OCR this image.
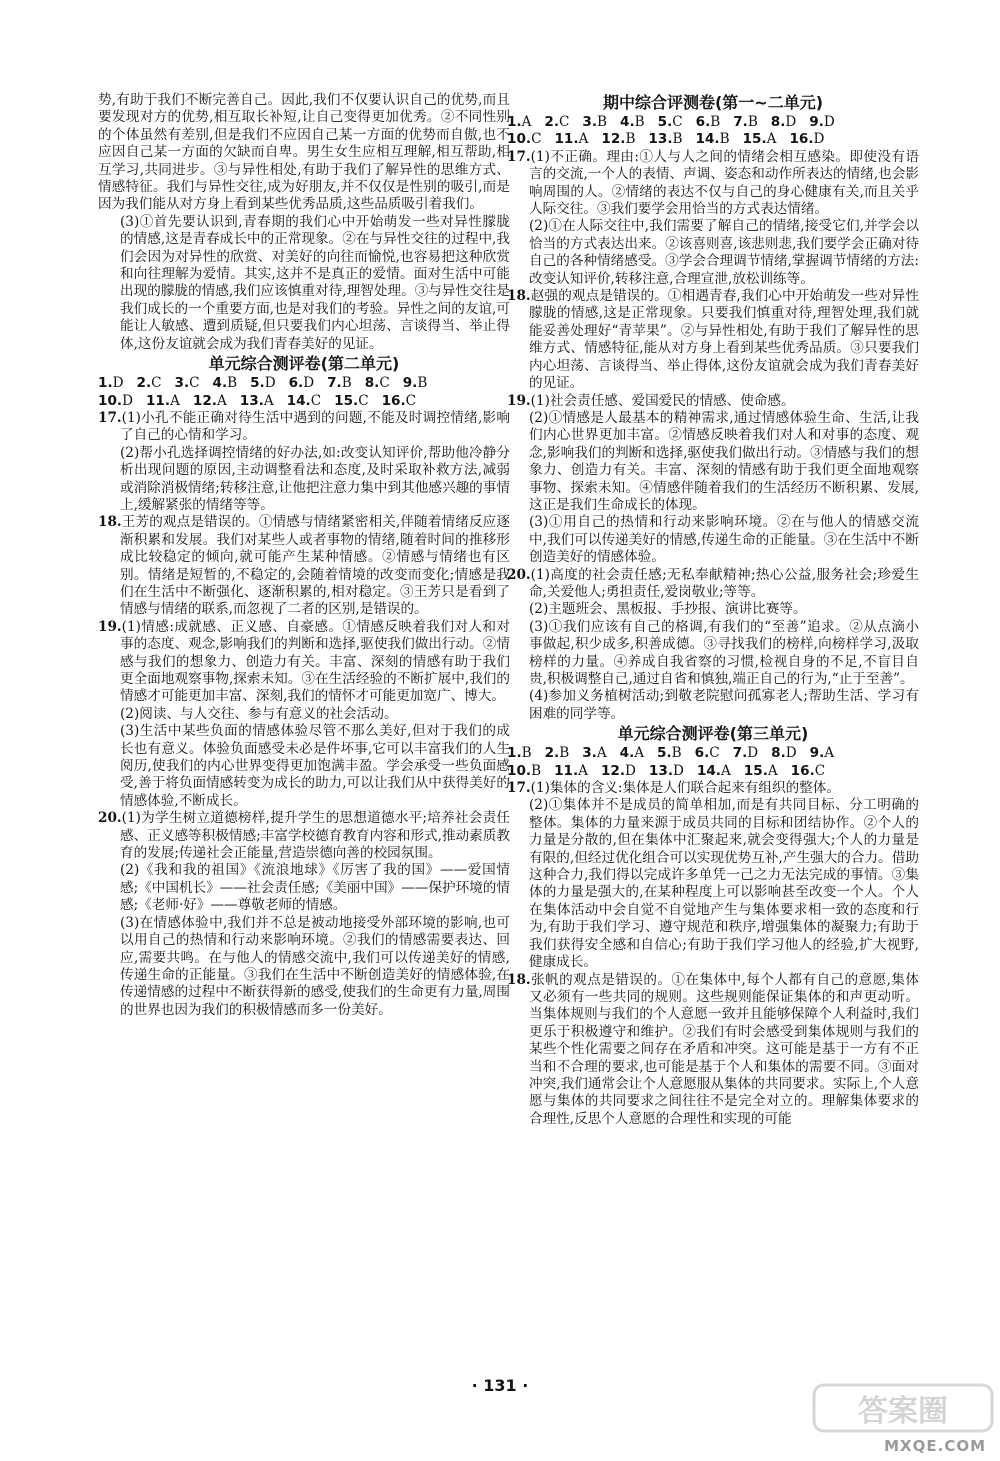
势,有助于我们不断完善自己。因此,我们不仅要认识自己的优势,而且要发现对方的优势,相互取长补短,让自己变得更加优秀。②不同性别的个体虽然有差别,但是我们不应因自己某一方面的优势而自傲,也不应因自己某一方面的欠缺而自卑。男生女生应相互理解,相互帮助,相互学习,共同进步。③与异性相处,有助于我们了解异性的思维方式、情感特征。我们与异性交往,成为好朋友,并不仅仅是性别的吸引,而是因为我们能从对方身上看到某些优秀品质,这些品质吸引着我们。

(3)①首先要认识到,青春期的我们心中开始萌发一些对异性朦胧的情感,这是青春成长中的正常现象。②在与异性交往的过程中,我们会因为对异性的欣赏、对美好的向往而愉悦,也容易把这种欣赏和向往理解为爱情。其实,这并不是真正的爱情。面对生活中可能出现的朦胧的情感,我们应该慎重对待,理智处理。③与异性交往是我们成长的一个重要方面,也是对我们的考验。异性之间的友谊,可能让人敏感、遭到质疑,但只要我们内心坦荡、言谈得当、举止得体,这份友谊就会成为我们青春美好的见证。

单元综合测评卷(第二单元)
1.D 2.C 3.C 4.B 5.D 6.D 7.B 8.C 9.B
10.D 11.A 12.A 13.A 14.C 15.C 16.C

17.(1)小孔不能正确对待生活中遇到的问题,不能及时调控情绪,影响了自己的心情和学习。

(2)帮小孔选择调控情绪的好办法,如:改变认知评价,帮助他冷静分析出现问题的原因,主动调整看法和态度,及时采取补救方法,减弱或消除消极情绪;转移注意,让他把注意力集中到其他感兴趣的事情上,缓解紧张的情绪等等。

18.王芳的观点是错误的。①情感与情绪紧密相关,伴随着情绪反应逐渐积累和发展。我们对某些人或者事物的情绪,随着时间的推移形成比较稳定的倾向,就可能产生某种情感。②情感与情绪也有区别。情绪是短暂的,不稳定的,会随着情境的改变而变化;情感是我们在生活中不断强化、逐渐积累的,相对稳定。③王芳只是看到了情感与情绪的联系,而忽视了二者的区别,是错误的。

19.(1)情感:成就感、正义感、自豪感。①情感反映着我们对人和对事的态度、观念,影响我们的判断和选择,驱使我们做出行动。②情感与我们的想象力、创造力有关。丰富、深刻的情感有助于我们更全面地观察事物,探索未知。③在生活经验的不断扩展中,我们的情感才可能更加丰富、深刻,我们的情怀才可能更加宽广、博大。

(2)阅读、与人交往、参与有意义的社会活动。

(3)生活中某些负面的情感体验尽管不那么美好,但对于我们的成长也有意义。体验负面感受未必是件坏事,它可以丰富我们的人生阅历,使我们的内心世界变得更加饱满丰盈。学会承受一些负面感受,善于将负面情感转变为成长的助力,可以让我们从中获得美好的情感体验,不断成长。

20.(1)为学生树立道德榜样,提升学生的思想道德水平;培养社会责任感、正义感等积极情感;丰富学校德育教育内容和形式,推动素质教育的发展;传递社会正能量,营造崇德向善的校园氛围。

(2)《我和我的祖国》《流浪地球》《厉害了我的国》——爱国情感;《中国机长》——社会责任感;《美丽中国》——保护环境的情感;《老师·好》——尊敬老师的情感。

(3)在情感体验中,我们并不总是被动地接受外部环境的影响,也可以用自己的热情和行动来影响环境。②我们的情感需要表达、回应,需要共鸣。在与他人的情感交流中,我们可以传递美好的情感,传递生命的正能量。③我们在生活中不断创造美好的情感体验,在传递情感的过程中不断获得新的感受,使我们的生命更有力量,周围的世界也因为我们的积极情感而多一份美好。

期中综合评测卷(第一~二单元)
1.A 2.C 3.B 4.B 5.C 6.B 7.B 8.D 9.D
10.C 11.A 12.B 13.B 14.B 15.A 16.D

17.(1)不正确。理由:①人与人之间的情绪会相互感染。即使没有语言的交流,一个人的表情、声调、姿态和动作所表达的情绪,也会影响周围的人。②情绪的表达不仅与自己的身心健康有关,而且关乎人际交往。③我们要学会用恰当的方式表达情绪。

(2)①在人际交往中,我们需要了解自己的情绪,接受它们,并学会以恰当的方式表达出来。②该喜则喜,该悲则悲,我们要学会正确对待自己的各种情绪感受。③学会合理调节情绪,掌握调节情绪的方法:改变认知评价,转移注意,合理宣泄,放松训练等。

18.赵强的观点是错误的。①相遇青春,我们心中开始萌发一些对异性朦胧的情感,这是正常现象。只要我们慎重对待,理智处理,我们就能妥善处理好“青苹果”。②与异性相处,有助于我们了解异性的思维方式、情感特征,能从对方身上看到某些优秀品质。③只要我们内心坦荡、言谈得当、举止得体,这份友谊就会成为我们青春美好的见证。

19.(1)社会责任感、爱国爱民的情感、使命感。

(2)①情感是人最基本的精神需求,通过情感体验生命、生活,让我们内心世界更加丰富。②情感反映着我们对人和对事的态度、观念,影响我们的判断和选择,驱使我们做出行动。③情感与我们的想象力、创造力有关。丰富、深刻的情感有助于我们更全面地观察事物、探索未知。④情感伴随着我们的生活经历不断积累、发展,这正是我们生命成长的体现。

(3)①用自己的热情和行动来影响环境。②在与他人的情感交流中,我们可以传递美好的情感,传递生命的正能量。③在生活中不断创造美好的情感体验。

20.(1)高度的社会责任感;无私奉献精神;热心公益,服务社会;珍爱生命,关爱他人;勇担责任,爱岗敬业;等等。

(2)主题班会、黑板报、手抄报、演讲比赛等。

(3)①我们应该有自己的格调,有我们的“至善”追求。②从点滴小事做起,积少成多,积善成德。③寻找我们的榜样,向榜样学习,汲取榜样的力量。④养成自我省察的习惯,检视自身的不足,不盲目自贵,积极调整自己,通过自省和慎独,端正自己的行为,“止于至善”。

(4)参加义务植树活动;到敬老院慰问孤寡老人;帮助生活、学习有困难的同学等。

单元综合测评卷(第三单元)
1.B 2.B 3.A 4.A 5.B 6.C 7.D 8.D 9.A
10.B 11.A 12.D 13.D 14.A 15.A 16.C

17.(1)集体的含义:集体是人们联合起来有组织的整体。

(2)①集体并不是成员的简单相加,而是有共同目标、分工明确的整体。集体的力量来源于成员共同的目标和团结协作。②个人的力量是分散的,但在集体中汇聚起来,就会变得强大;个人的力量是有限的,但经过优化组合可以实现优势互补,产生强大的合力。借助这种合力,我们得以完成许多单凭一己之力无法完成的事情。③集体的力量是强大的,在某种程度上可以影响甚至改变一个人。个人在集体活动中会自觉不自觉地产生与集体要求相一致的态度和行为,有助于我们学习、遵守规范和秩序,增强集体的凝聚力;有助于我们获得安全感和自信心;有助于我们学习他人的经验,扩大视野,健康成长。

18.张帆的观点是错误的。①在集体中,每个人都有自己的意愿,集体又必须有一些共同的规则。这些规则能保证集体的和声更动听。当集体规则与我们的个人意愿一致并且能够保障个人利益时,我们更乐于积极遵守和维护。②我们有时会感受到集体规则与我们的某些个性化需要之间存在矛盾和冲突。这可能是基于一方有不正当和不合理的要求,也可能是基于个人和集体的需要不同。③面对冲突,我们通常会让个人意愿服从集体的共同要求。实际上,个人意愿与集体的共同要求之间往往不是完全对立的。理解集体要求的合理性,反思个人意愿的合理性和实现的可能

· 131 ·
答案圈
MXQE.COM
